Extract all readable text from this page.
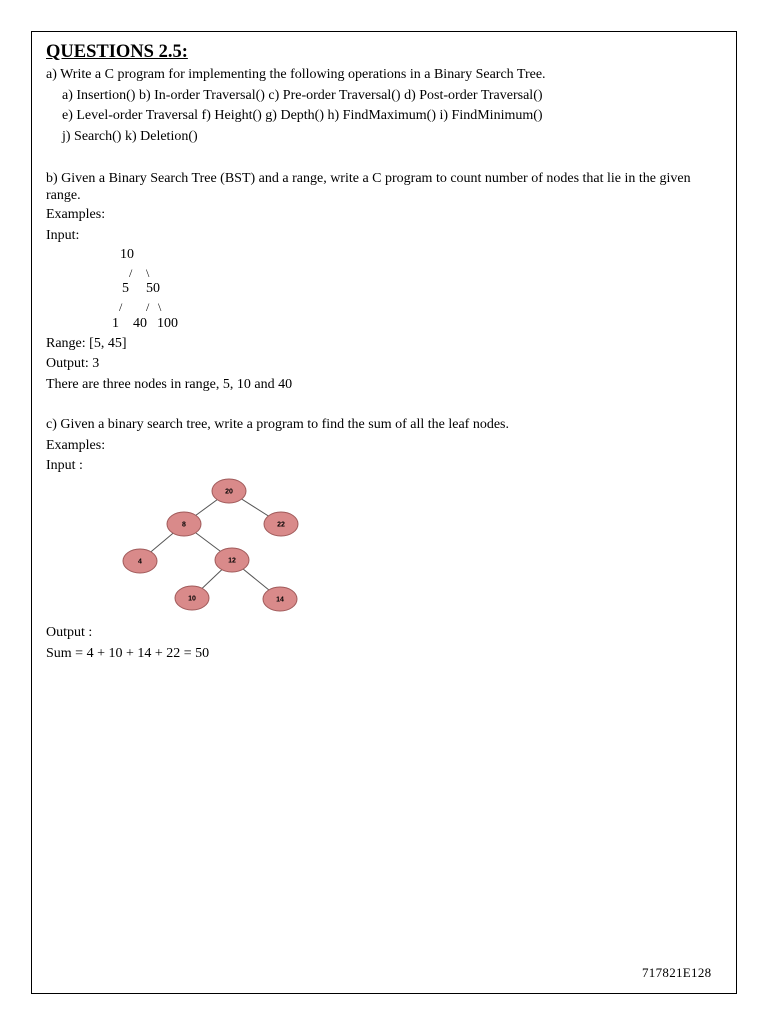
QUESTIONS 2.5:
a) Write a C program for implementing the following operations in a Binary Search Tree.
a) Insertion() b) In-order Traversal() c) Pre-order Traversal() d) Post-order Traversal()
e) Level-order Traversal f) Height() g) Depth() h) FindMaximum() i) FindMinimum()
j) Search() k) Deletion()
b) Given a Binary Search Tree (BST) and a range, write a C program to count number of nodes that lie in the given range.
Examples:
Input:
10
/ \
5 50
/ / \
1 40 100
Range: [5, 45]
Output: 3
There are three nodes in range, 5, 10 and 40
c) Given a binary search tree, write a program to find the sum of all the leaf nodes.
Examples:
Input :
20
8	22
4	12
10	14
Output :
Sum = 4 + 10 + 14 + 22 = 50
717821E128
